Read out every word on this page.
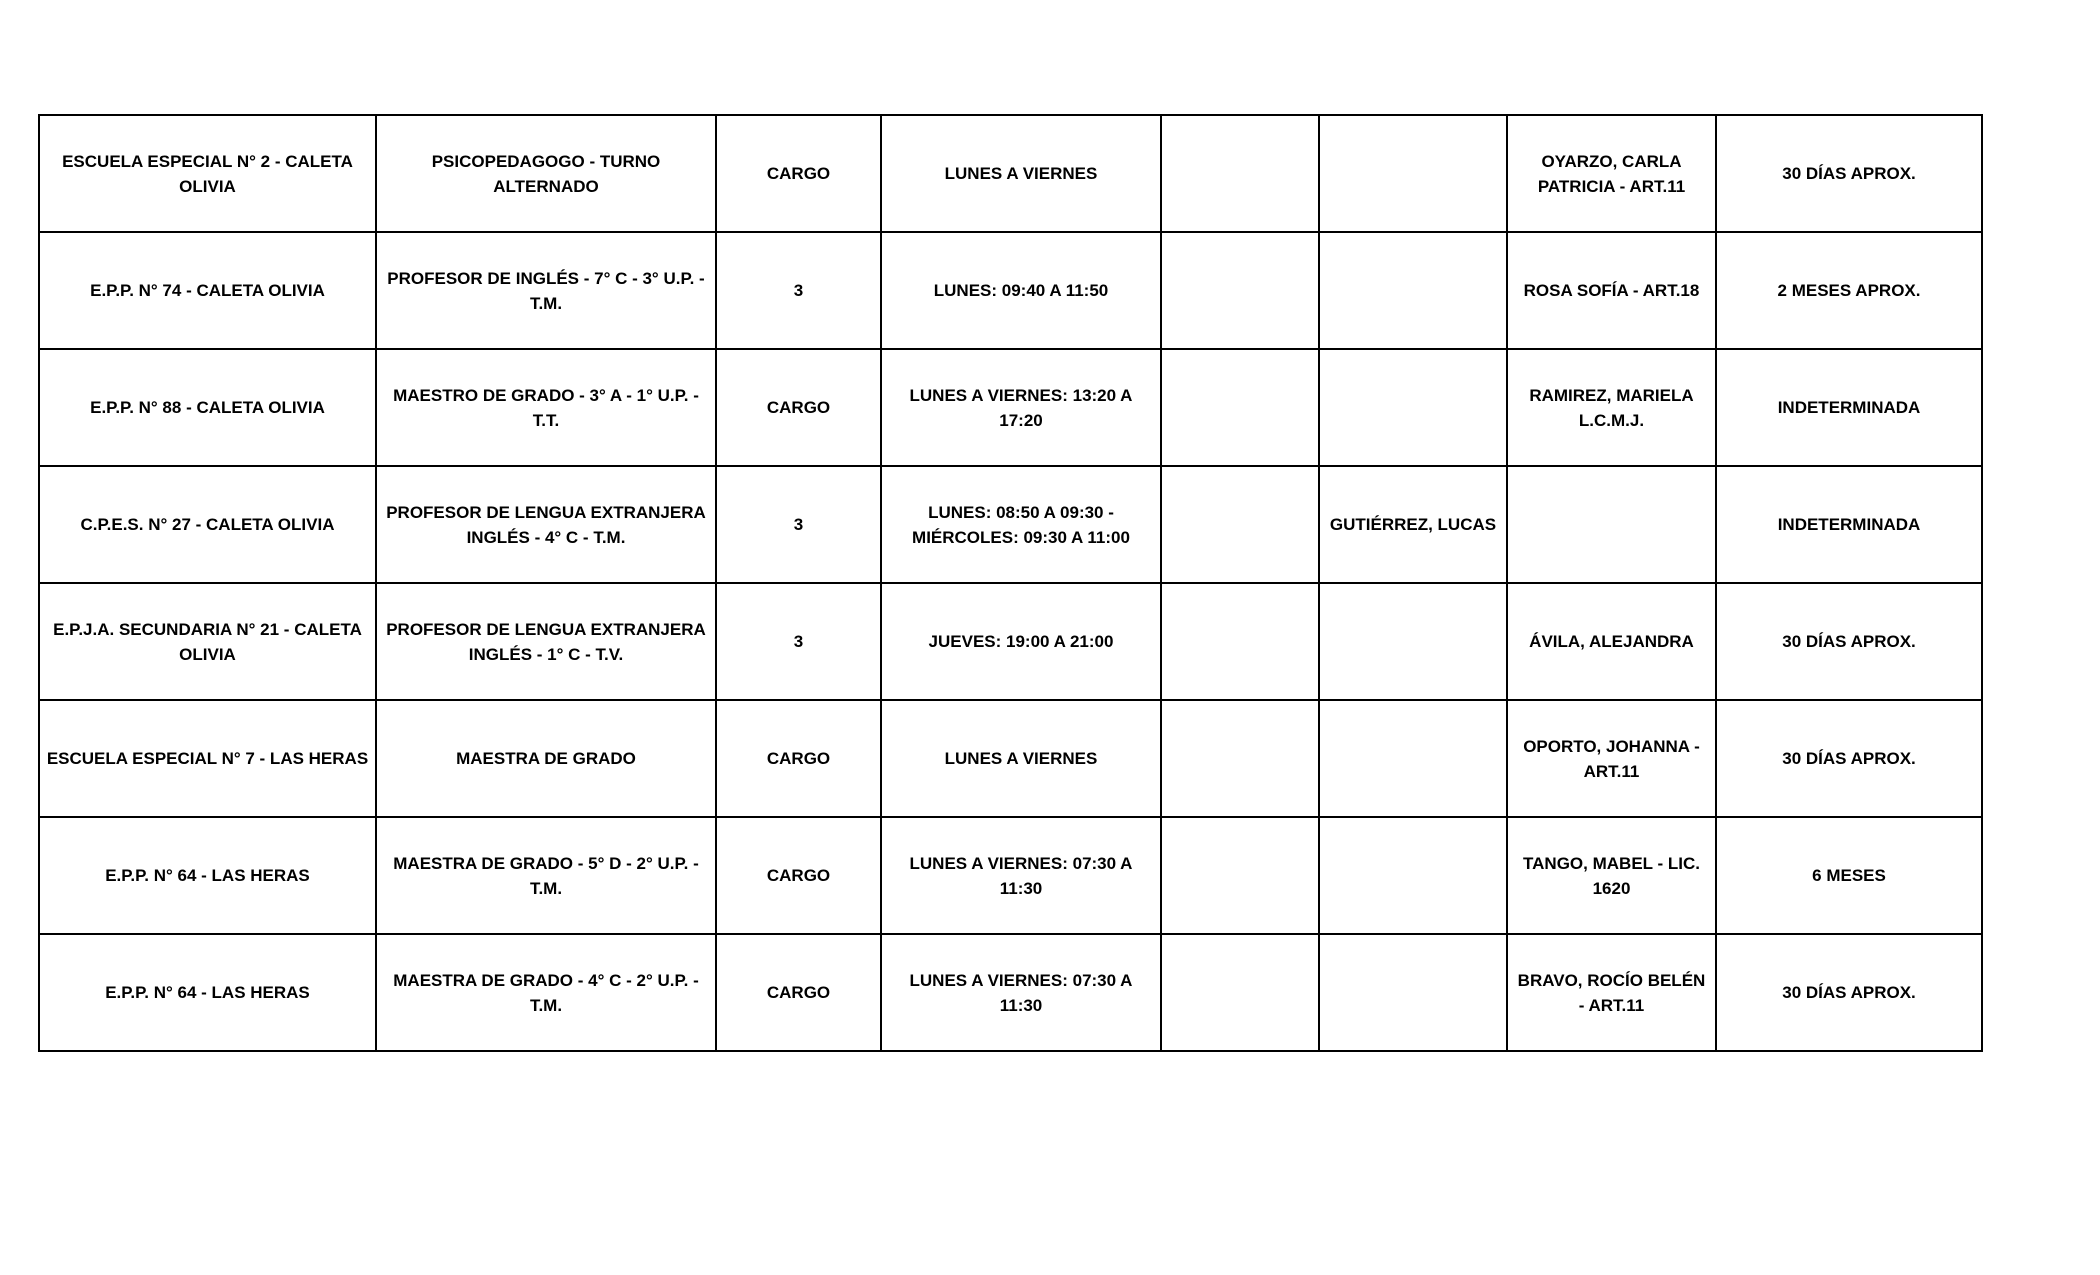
ESCUELA ESPECIAL N° 2 - CALETA OLIVIA	PSICOPEDAGOGO - TURNO ALTERNADO	CARGO	LUNES A VIERNES			OYARZO, CARLA PATRICIA - ART.11	30 DÍAS APROX.
E.P.P. N° 74 - CALETA OLIVIA	PROFESOR DE INGLÉS - 7° C - 3° U.P. - T.M.	3	LUNES: 09:40 A 11:50			ROSA SOFÍA - ART.18	2 MESES APROX.
E.P.P. N° 88 - CALETA OLIVIA	MAESTRO DE GRADO - 3° A - 1° U.P. - T.T.	CARGO	LUNES A VIERNES: 13:20 A 17:20			RAMIREZ, MARIELA L.C.M.J.	INDETERMINADA
C.P.E.S. N° 27 - CALETA OLIVIA	PROFESOR DE LENGUA EXTRANJERA INGLÉS - 4° C - T.M.	3	LUNES: 08:50 A 09:30 - MIÉRCOLES: 09:30 A 11:00		GUTIÉRREZ, LUCAS		INDETERMINADA
E.P.J.A. SECUNDARIA N° 21 - CALETA OLIVIA	PROFESOR DE LENGUA EXTRANJERA INGLÉS - 1° C - T.V.	3	JUEVES: 19:00 A 21:00			ÁVILA, ALEJANDRA	30 DÍAS APROX.
ESCUELA ESPECIAL N° 7 - LAS HERAS	MAESTRA DE GRADO	CARGO	LUNES A VIERNES			OPORTO, JOHANNA - ART.11	30 DÍAS APROX.
E.P.P. N° 64 - LAS HERAS	MAESTRA DE GRADO - 5° D - 2° U.P. - T.M.	CARGO	LUNES A VIERNES: 07:30 A 11:30			TANGO, MABEL - LIC. 1620	6 MESES
E.P.P. N° 64 - LAS HERAS	MAESTRA DE GRADO - 4° C - 2° U.P. - T.M.	CARGO	LUNES A VIERNES: 07:30 A 11:30			BRAVO, ROCÍO BELÉN - ART.11	30 DÍAS APROX.
